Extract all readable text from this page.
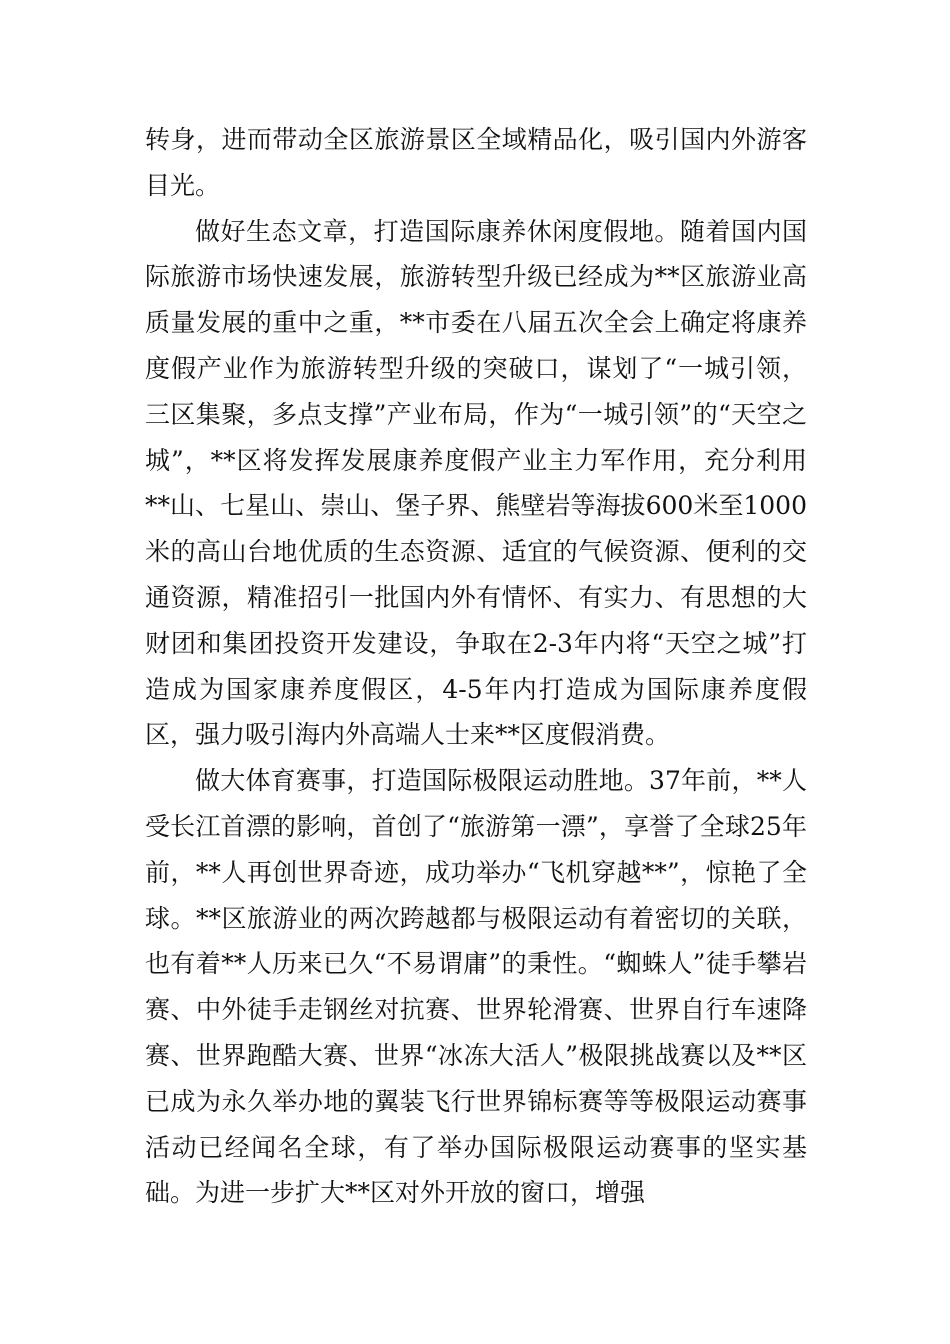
转身，进而带动全区旅游景区全域精品化，吸引国内外游客目光。

做好生态文章，打造国际康养休闲度假地。随着国内国际旅游市场快速发展，旅游转型升级已经成为**区旅游业高质量发展的重中之重，**市委在八届五次全会上确定将康养度假产业作为旅游转型升级的突破口，谋划了“一城引领，三区集聚，多点支撑”产业布局，作为“一城引领”的“天空之城”，**区将发挥发展康养度假产业主力军作用，充分利用**山、七星山、崇山、堡子界、熊壁岩等海拔600米至1000米的高山台地优质的生态资源、适宜的气候资源、便利的交通资源，精准招引一批国内外有情怀、有实力、有思想的大财团和集团投资开发建设，争取在2-3年内将“天空之城”打造成为国家康养度假区，4-5年内打造成为国际康养度假区，强力吸引海内外高端人士来**区度假消费。

做大体育赛事，打造国际极限运动胜地。37年前，**人受长江首漂的影响，首创了“旅游第一漂”，享誉了全球25年前，**人再创世界奇迹，成功举办“飞机穿越**”，惊艳了全球。**区旅游业的两次跨越都与极限运动有着密切的关联，也有着**人历来已久“不易谓庸”的秉性。“蜘蛛人”徒手攀岩赛、中外徒手走钢丝对抗赛、世界轮滑赛、世界自行车速降赛、世界跑酷大赛、世界“冰冻大活人”极限挑战赛以及**区已成为永久举办地的翼装飞行世界锦标赛等等极限运动赛事活动已经闻名全球，有了举办国际极限运动赛事的坚实基础。为进一步扩大**区对外开放的窗口，增强
